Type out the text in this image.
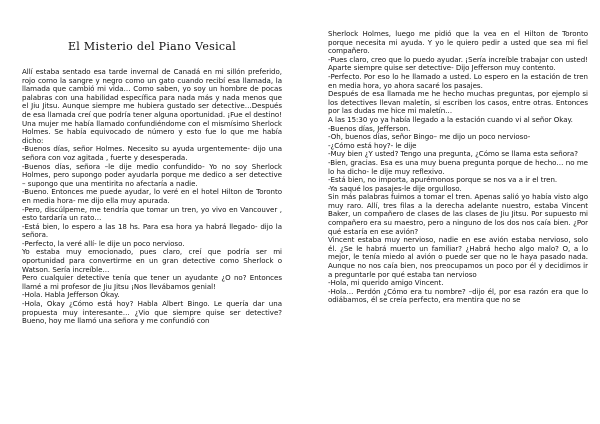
El Misterio del Piano Vesical

Allí estaba sentado esa tarde invernal de Canadá en mi sillón preferido, rojo como la sangre y negro como un gato cuando recibí esa llamada, la llamada que cambió mi vida… Como saben, yo soy un hombre de pocas palabras con una habilidad específica para nada más y nada menos que el Jiu Jitsu. Aunque siempre me hubiera gustado ser detective…Después de esa llamada creí que podría tener alguna oportunidad. ¡Fue el destino! Una mujer me había llamado confundiéndome con el mismísimo Sherlock Holmes. Se había equivocado de número y esto fue lo que me había dicho:

-Buenos días, señor Holmes. Necesito su ayuda urgentemente- dijo una señora con voz agitada , fuerte y desesperada.

-Buenos días, señora –le dije medio confundido- Yo no soy Sherlock Holmes, pero supongo poder ayudarla porque me dedico a ser detective – supongo que una mentirita no afectaría a nadie.

-Bueno. Entonces me puede ayudar, lo veré en el hotel Hilton de Toronto en media hora- me dijo ella muy apurada.

-Pero, discúlpeme, me tendría que tomar un tren, yo vivo en Vancouver , esto tardaría un rato…

-Está bien, lo espero a las 18 hs. Para esa hora ya habrá llegado- dijo la señora.

-Perfecto, la veré allí- le dije un poco nervioso.

Yo estaba muy emocionado, pues claro, creí que podría ser mi oportunidad para convertirme en un gran detective como Sherlock o Watson. Sería increíble…

Pero cualquier detective tenía que tener un ayudante ¿O no? Entonces llamé a mi profesor de Jiu Jitsu ¡Nos llevábamos genial!

-Hola. Habla Jefferson Okay.

-Hola, Okay ¿Cómo está hoy? Habla Albert Bingo. Le quería dar una propuesta muy interesante… ¿Vio que siempre quise ser detective? Bueno, hoy me llamó una señora y me confundió con

Sherlock Holmes, luego me pidió que la vea en el Hilton de Toronto porque necesita mi ayuda. Y yo le quiero pedir a usted que sea mi fiel compañero.

-Pues claro, creo que lo puedo ayudar. ¡Sería increíble trabajar con usted! Aparte siempre quise ser detective- Dijo Jefferson muy contento.

-Perfecto. Por eso lo he llamado a usted. Lo espero en la estación de tren en media hora, yo ahora sacaré los pasajes.

Después de esa llamada me he hecho muchas preguntas, por ejemplo si los detectives llevan maletín, si escriben los casos, entre otras. Entonces por las dudas me hice mi maletín…

A las 15:30 yo ya había llegado a la estación cuando vi al señor Okay.

-Buenos días, Jefferson.

-Oh, buenos días, señor Bingo– me dijo un poco nervioso-

-¿Cómo está hoy?- le dije

-Muy bien ¿Y usted? Tengo una pregunta, ¿Cómo se llama esta señora?

-Bien, gracias. Esa es una muy buena pregunta porque de hecho… no me lo ha dicho- le dije muy reflexivo.

-Está bien, no importa, apurémonos porque se nos va a ir el tren.

-Ya saqué los pasajes-le dije orgulloso.

Sin más palabras fuimos a tomar el tren. Apenas salió yo había visto algo muy raro. Allí, tres filas a la derecha adelante nuestro, estaba Vincent Baker, un compañero de clases de las clases de Jiu Jitsu. Por supuesto mi compañero era su maestro, pero a ninguno de los dos nos caía bien. ¿Por qué estaría en ese avión?

Vincent estaba muy nervioso, nadie en ese avión estaba nervioso, solo él. ¿Se le habrá muerto un familiar? ¿Habrá hecho algo malo? O, a lo mejor, le tenía miedo al avión o puede ser que no le haya pasado nada. Aunque no nos caía bien, nos preocupamos un poco por él y decidimos ir a preguntarle por qué estaba tan nervioso

-Hola, mi querido amigo Vincent.

-Hola… Perdón ¿Cómo era tu nombre? –dijo él, por esa razón era que lo odiábamos, él se creía perfecto, era mentira que no se
